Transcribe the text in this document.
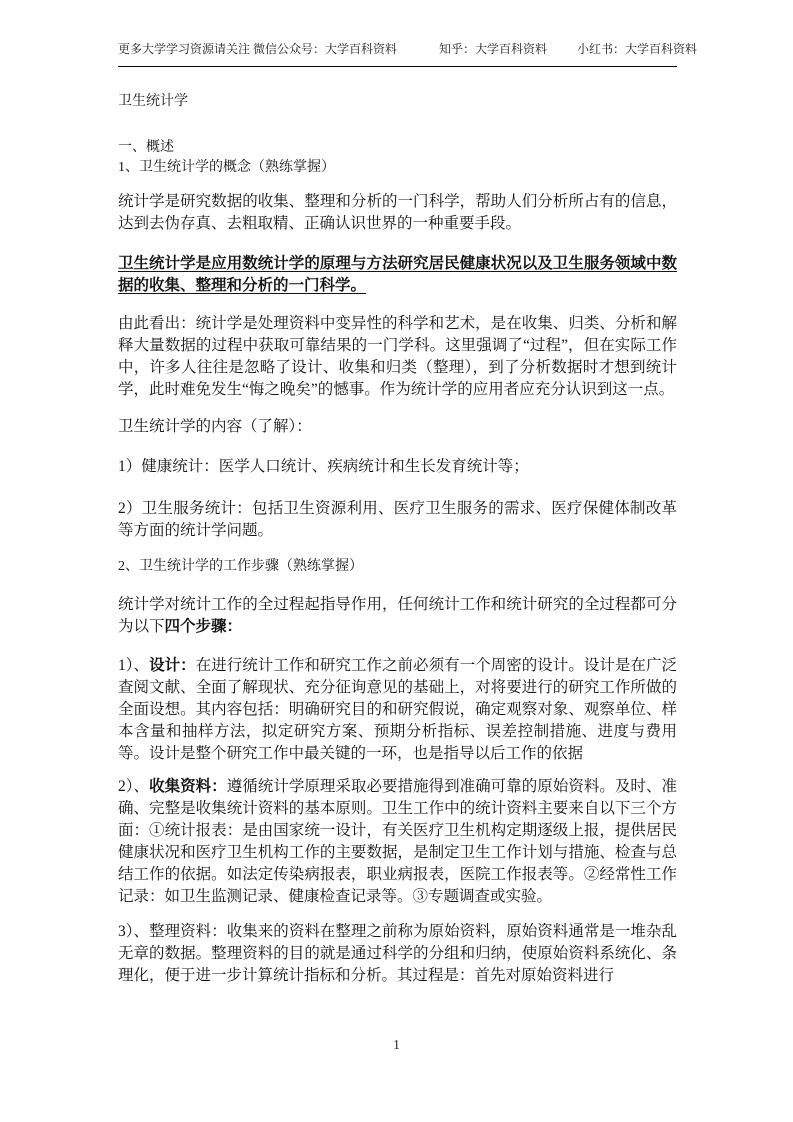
更多大学学习资源请关注 微信公众号：大学百科资料	知乎：大学百科资料	小红书：大学百科资料

卫生统计学

一、概述

1、卫生统计学的概念（熟练掌握）

统计学是研究数据的收集、整理和分析的一门科学，帮助人们分析所占有的信息，达到去伪存真、去粗取精、正确认识世界的一种重要手段。

卫生统计学是应用数统计学的原理与方法研究居民健康状况以及卫生服务领域中数据的收集、整理和分析的一门科学。

由此看出：统计学是处理资料中变异性的科学和艺术，是在收集、归类、分析和解释大量数据的过程中获取可靠结果的一门学科。这里强调了“过程”，但在实际工作中，许多人往往是忽略了设计、收集和归类（整理），到了分析数据时才想到统计学，此时难免发生“悔之晚矣”的憾事。作为统计学的应用者应充分认识到这一点。

卫生统计学的内容（了解）：

1）健康统计：医学人口统计、疾病统计和生长发育统计等；

2）卫生服务统计：包括卫生资源利用、医疗卫生服务的需求、医疗保健体制改革等方面的统计学问题。

2、卫生统计学的工作步骤（熟练掌握）

统计学对统计工作的全过程起指导作用，任何统计工作和统计研究的全过程都可分为以下四个步骤：

1）、设计：在进行统计工作和研究工作之前必须有一个周密的设计。设计是在广泛查阅文献、全面了解现状、充分征询意见的基础上，对将要进行的研究工作所做的全面设想。其内容包括：明确研究目的和研究假说，确定观察对象、观察单位、样本含量和抽样方法，拟定研究方案、预期分析指标、误差控制措施、进度与费用等。设计是整个研究工作中最关键的一环，也是指导以后工作的依据

2）、收集资料：遵循统计学原理采取必要措施得到准确可靠的原始资料。及时、准确、完整是收集统计资料的基本原则。卫生工作中的统计资料主要来自以下三个方面：①统计报表：是由国家统一设计，有关医疗卫生机构定期逐级上报，提供居民健康状况和医疗卫生机构工作的主要数据，是制定卫生工作计划与措施、检查与总结工作的依据。如法定传染病报表，职业病报表，医院工作报表等。②经常性工作记录：如卫生监测记录、健康检查记录等。③专题调查或实验。

3）、整理资料：收集来的资料在整理之前称为原始资料，原始资料通常是一堆杂乱无章的数据。整理资料的目的就是通过科学的分组和归纳，使原始资料系统化、条理化，便于进一步计算统计指标和分析。其过程是：首先对原始资料进行

1
